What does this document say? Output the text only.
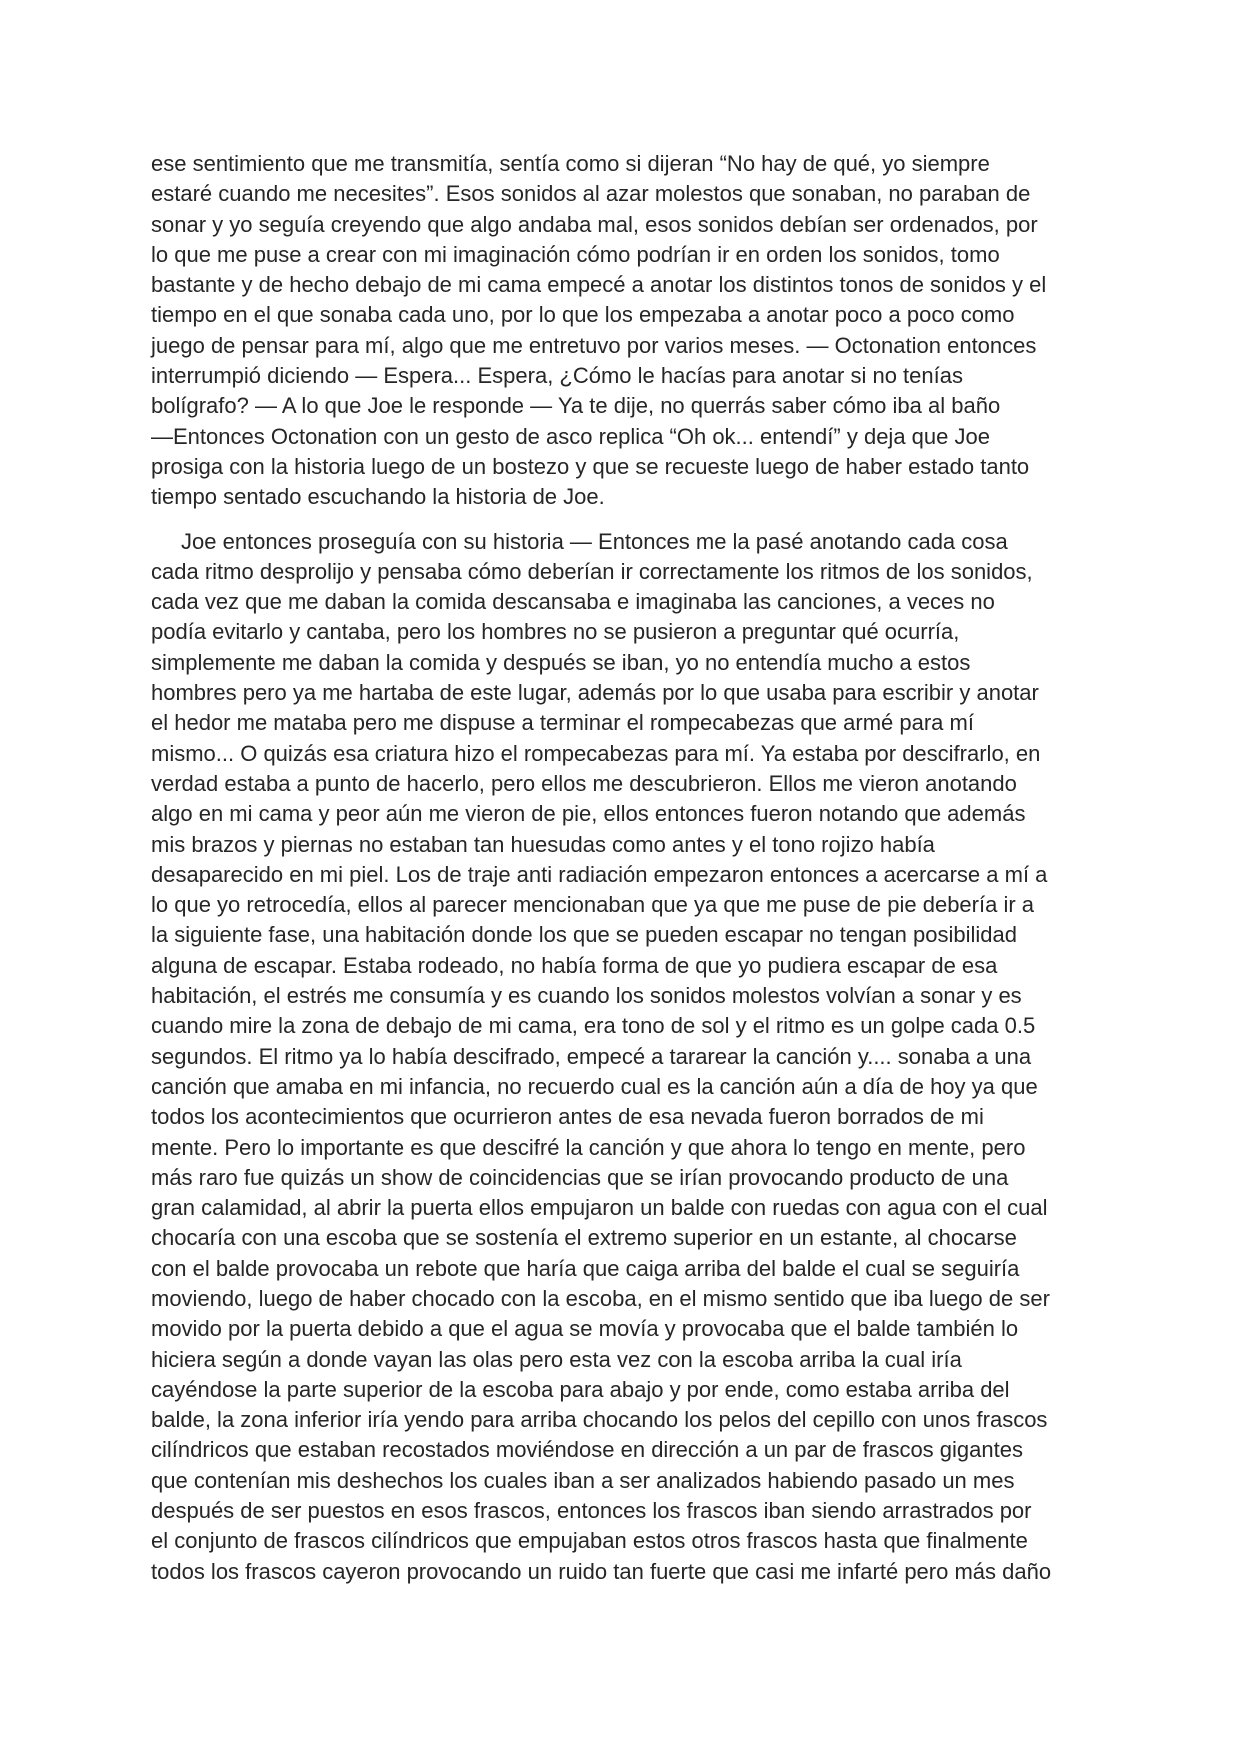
ese sentimiento que me transmitía, sentía como si dijeran “No hay de qué, yo siempre
estaré cuando me necesites”. Esos sonidos al azar molestos que sonaban, no paraban de
sonar y yo seguía creyendo que algo andaba mal, esos sonidos debían ser ordenados, por
lo que me puse a crear con mi imaginación cómo podrían ir en orden los sonidos, tomo
bastante y de hecho debajo de mi cama empecé a anotar los distintos tonos de sonidos y el
tiempo en el que sonaba cada uno, por lo que los empezaba a anotar poco a poco como
juego de pensar para mí, algo que me entretuvo por varios meses. — Octonation entonces
interrumpió diciendo — Espera... Espera, ¿Cómo le hacías para anotar si no tenías
bolígrafo? — A lo que Joe le responde — Ya te dije, no querrás saber cómo iba al baño
—Entonces Octonation con un gesto de asco replica “Oh ok... entendí” y deja que Joe
prosiga con la historia luego de un bostezo y que se recueste luego de haber estado tanto
tiempo sentado escuchando la historia de Joe.

Joe entonces proseguía con su historia — Entonces me la pasé anotando cada cosa
cada ritmo desprolijo y pensaba cómo deberían ir correctamente los ritmos de los sonidos,
cada vez que me daban la comida descansaba e imaginaba las canciones, a veces no
podía evitarlo y cantaba, pero los hombres no se pusieron a preguntar qué ocurría,
simplemente me daban la comida y después se iban, yo no entendía mucho a estos
hombres pero ya me hartaba de este lugar, además por lo que usaba para escribir y anotar
el hedor me mataba pero me dispuse a terminar el rompecabezas que armé para mí
mismo... O quizás esa criatura hizo el rompecabezas para mí. Ya estaba por descifrarlo, en
verdad estaba a punto de hacerlo, pero ellos me descubrieron. Ellos me vieron anotando
algo en mi cama y peor aún me vieron de pie, ellos entonces fueron notando que además
mis brazos y piernas no estaban tan huesudas como antes y el tono rojizo había
desaparecido en mi piel. Los de traje anti radiación empezaron entonces a acercarse a mí a
lo que yo retrocedía, ellos al parecer mencionaban que ya que me puse de pie debería ir a
la siguiente fase, una habitación donde los que se pueden escapar no tengan posibilidad
alguna de escapar. Estaba rodeado, no había forma de que yo pudiera escapar de esa
habitación, el estrés me consumía y es cuando los sonidos molestos volvían a sonar y es
cuando mire la zona de debajo de mi cama, era tono de sol y el ritmo es un golpe cada 0.5
segundos. El ritmo ya lo había descifrado, empecé a tararear la canción y.... sonaba a una
canción que amaba en mi infancia, no recuerdo cual es la canción aún a día de hoy ya que
todos los acontecimientos que ocurrieron antes de esa nevada fueron borrados de mi
mente. Pero lo importante es que descifré la canción y que ahora lo tengo en mente, pero
más raro fue quizás un show de coincidencias que se irían provocando producto de una
gran calamidad, al abrir la puerta ellos empujaron un balde con ruedas con agua con el cual
chocaría con una escoba que se sostenía el extremo superior en un estante, al chocarse
con el balde provocaba un rebote que haría que caiga arriba del balde el cual se seguiría
moviendo, luego de haber chocado con la escoba, en el mismo sentido que iba luego de ser
movido por la puerta debido a que el agua se movía y provocaba que el balde también lo
hiciera según a donde vayan las olas pero esta vez con la escoba arriba la cual iría
cayéndose la parte superior de la escoba para abajo y por ende, como estaba arriba del
balde, la zona inferior iría yendo para arriba chocando los pelos del cepillo con unos frascos
cilíndricos que estaban recostados moviéndose en dirección a un par de frascos gigantes
que contenían mis deshechos los cuales iban a ser analizados habiendo pasado un mes
después de ser puestos en esos frascos, entonces los frascos iban siendo arrastrados por
el conjunto de frascos cilíndricos que empujaban estos otros frascos hasta que finalmente
todos los frascos cayeron provocando un ruido tan fuerte que casi me infarté pero más daño
